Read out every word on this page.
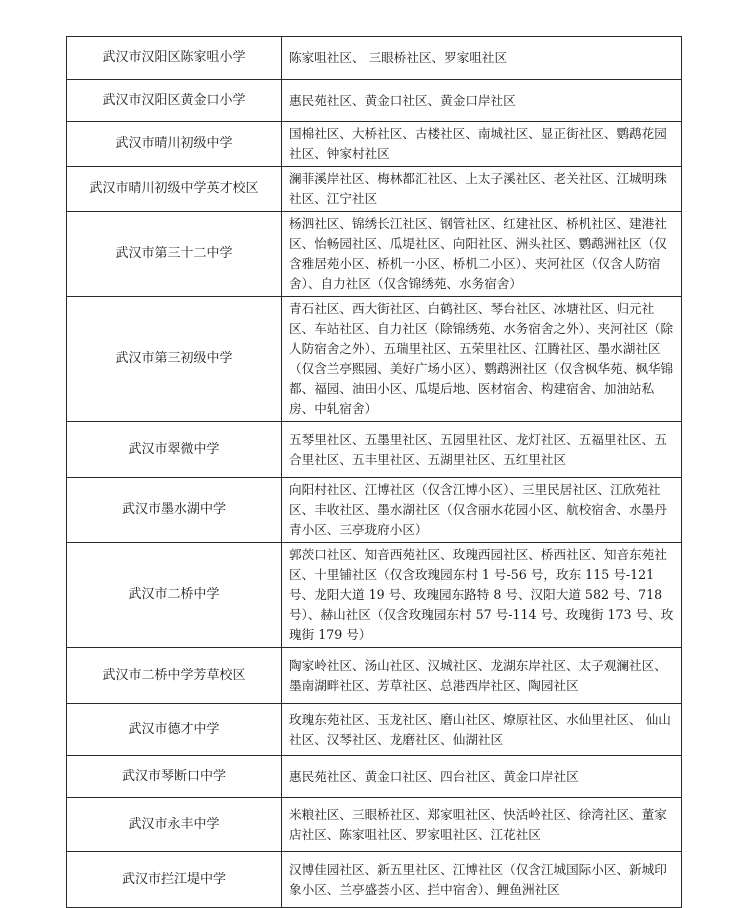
武汉市汉阳区陈家咀小学	陈家咀社区、 三眼桥社区、罗家咀社区
武汉市汉阳区黄金口小学	惠民苑社区、黄金口社区、黄金口岸社区
武汉市晴川初级中学	国棉社区、大桥社区、古楼社区、南城社区、显正街社区、鹦鹉花园社区、钟家村社区
武汉市晴川初级中学英才校区	澜菲溪岸社区、梅林都汇社区、上太子溪社区、老关社区、江城明珠社区、江宁社区
武汉市第三十二中学	杨泗社区、锦绣长江社区、钢管社区、红建社区、桥机社区、建港社区、怡畅园社区、瓜堤社区、向阳社区、洲头社区、鹦鹉洲社区（仅含雅居苑小区、桥机一小区、桥机二小区）、夹河社区（仅含人防宿舍）、自力社区（仅含锦绣苑、水务宿舍）
武汉市第三初级中学	青石社区、西大街社区、白鹤社区、琴台社区、冰塘社区、归元社区、车站社区、自力社区（除锦绣苑、水务宿舍之外）、夹河社区（除人防宿舍之外）、五瑞里社区、五荣里社区、江腾社区、墨水湖社区（仅含兰亭熙园、美好广场小区）、鹦鹉洲社区（仅含枫华苑、枫华锦都、福园、油田小区、瓜堤后地、医材宿舍、构建宿舍、加油站私房、中轧宿舍）
武汉市翠微中学	五琴里社区、五墨里社区、五园里社区、龙灯社区、五福里社区、五合里社区、五丰里社区、五湖里社区、五红里社区
武汉市墨水湖中学	向阳村社区、江博社区（仅含江博小区）、三里民居社区、江欣苑社区、丰收社区、墨水湖社区（仅含丽水花园小区、航校宿舍、水墨丹青小区、三亭珑府小区）
武汉市二桥中学	郭茨口社区、知音西苑社区、玫瑰西园社区、桥西社区、知音东苑社区、十里铺社区（仅含玫瑰园东村 1 号-56 号，玫东 115 号-121 号、龙阳大道 19 号、玫瑰园东路特 8 号、汉阳大道 582 号、718 号）、赫山社区（仅含玫瑰园东村 57 号-114 号、玫瑰街 173 号、玫瑰街 179 号）
武汉市二桥中学芳草校区	陶家岭社区、汤山社区、汉城社区、龙湖东岸社区、太子观澜社区、墨南湖畔社区、芳草社区、总港西岸社区、陶园社区
武汉市德才中学	玫瑰东苑社区、玉龙社区、磨山社区、燎原社区、水仙里社区、 仙山社区、汉琴社区、龙磨社区、仙湖社区
武汉市琴断口中学	惠民苑社区、黄金口社区、四台社区、黄金口岸社区
武汉市永丰中学	米粮社区、三眼桥社区、郑家咀社区、快活岭社区、徐湾社区、董家店社区、陈家咀社区、罗家咀社区、江花社区
武汉市拦江堤中学	汉博佳园社区、新五里社区、江博社区（仅含江城国际小区、新城印象小区、兰亭盛荟小区、拦中宿舍）、鲤鱼洲社区
